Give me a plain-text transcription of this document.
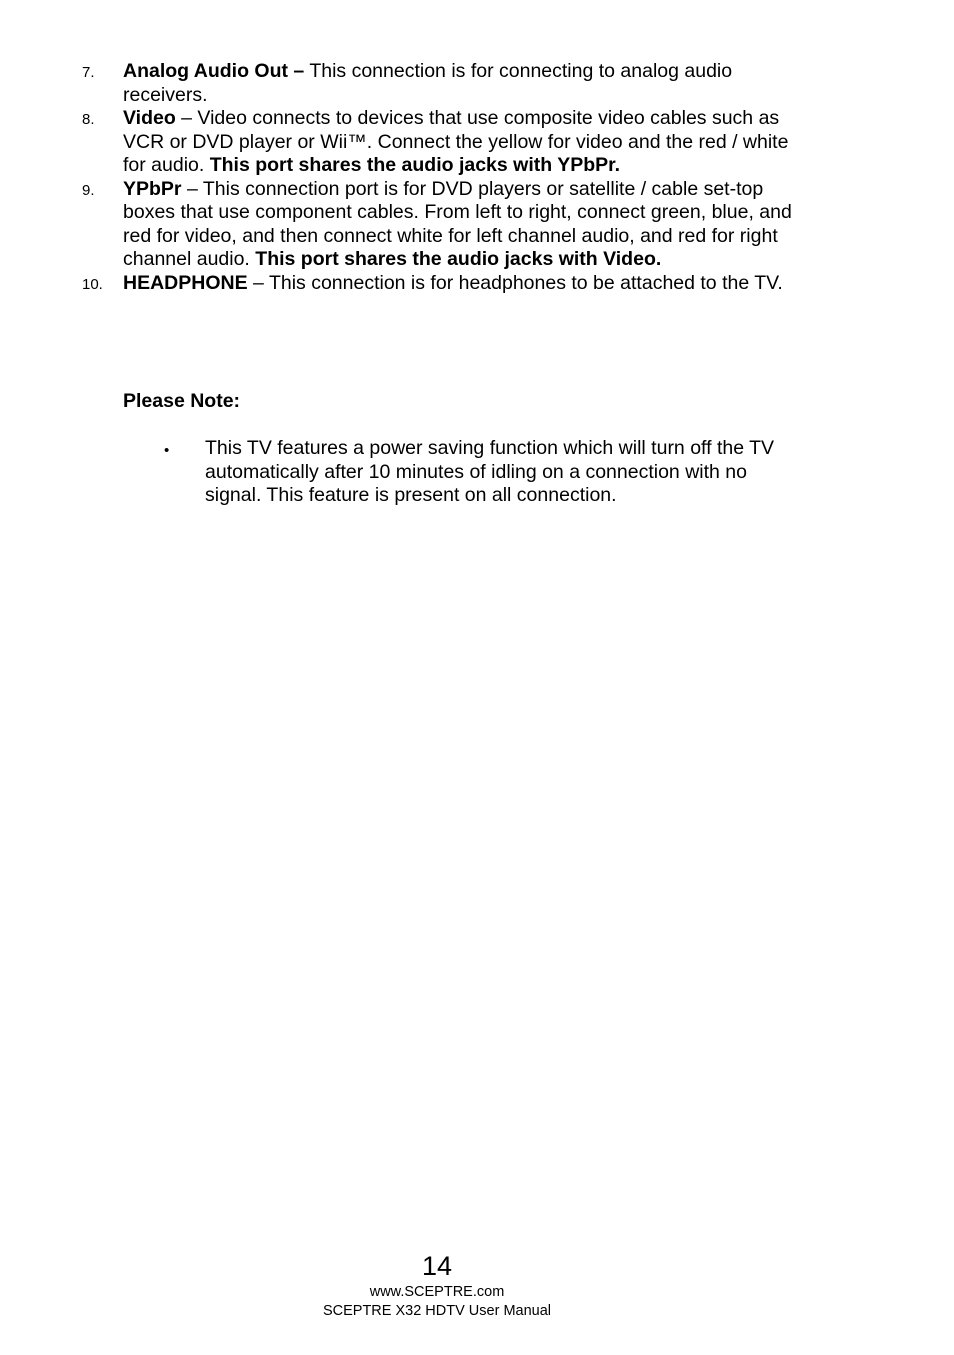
7.	Analog Audio Out – This connection is for connecting to analog audio receivers.
8.	Video – Video connects to devices that use composite video cables such as VCR or DVD player or Wii™. Connect the yellow for video and the red / white for audio. This port shares the audio jacks with YPbPr.
9.	YPbPr – This connection port is for DVD players or satellite / cable set-top boxes that use component cables. From left to right, connect green, blue, and red for video, and then connect white for left channel audio, and red for right channel audio. This port shares the audio jacks with Video.
10.	HEADPHONE – This connection is for headphones to be attached to the TV.
Please Note:
•	This TV features a power saving function which will turn off the TV automatically after 10 minutes of idling on a connection with no signal. This feature is present on all connection.
14
www.SCEPTRE.com
SCEPTRE X32 HDTV User Manual
